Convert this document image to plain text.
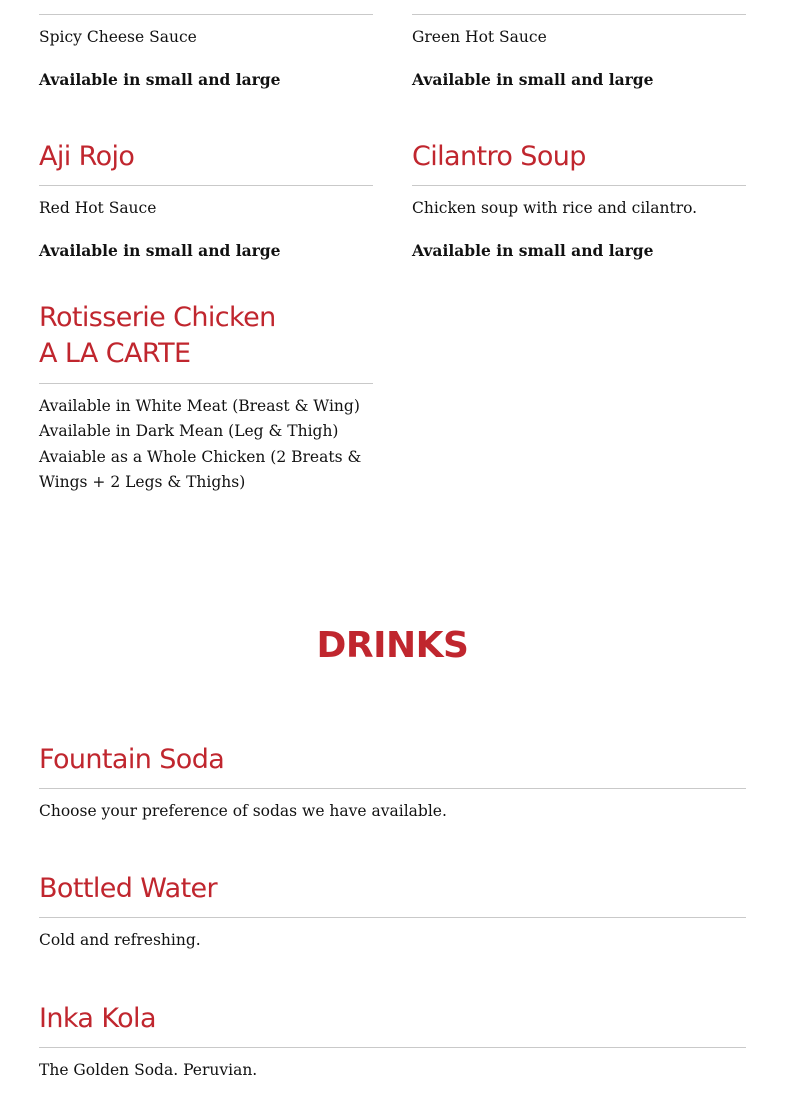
Spicy Cheese Sauce	Green Hot Sauce
Available in small and large	Available in small and large
Aji Rojo	Cilantro Soup
Red Hot Sauce	Chicken soup with rice and cilantro.
Available in small and large	Available in small and large
Rotisserie Chicken
A LA CARTE
Available in White Meat (Breast & Wing)
Available in Dark Mean (Leg & Thigh)
Avaiable as a Whole Chicken (2 Breats &
Wings + 2 Legs & Thighs)
DRINKS
Fountain Soda
Choose your preference of sodas we have available.
Bottled Water
Cold and refreshing.
Inka Kola
The Golden Soda. Peruvian.
